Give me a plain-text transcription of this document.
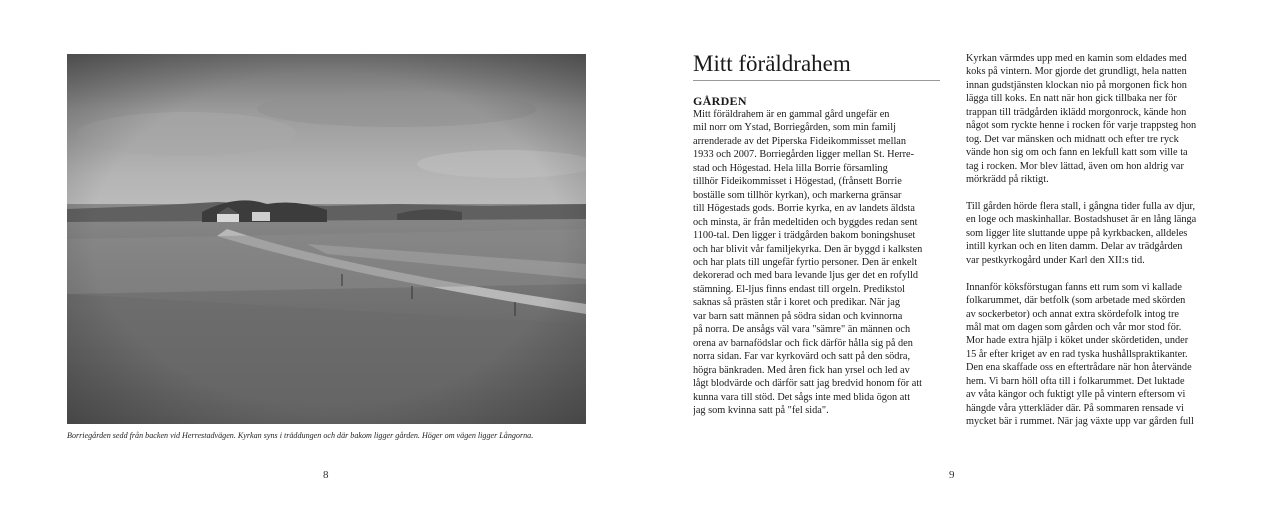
Borriegården sedd från backen vid Herrestadvägen. Kyrkan syns i träddungen och där bakom ligger gården. Höger om vägen ligger Långorna.
8
Mitt föräldrahem
GÅRDEN

Mitt föräldrahem är en gammal gård ungefär en
mil norr om Ystad, Borriegården, som min familj
arrenderade av det Piperska Fideikommisset mellan
1933 och 2007. Borriegården ligger mellan St. Herre-
stad och Högestad. Hela lilla Borrie församling
tillhör Fideikommisset i Högestad, (frånsett Borrie
boställe som tillhör kyrkan), och markerna gränsar
till Högestads gods. Borrie kyrka, en av landets äldsta
och minsta, är från medeltiden och byggdes redan sent
1100-tal. Den ligger i trädgården bakom boningshuset
och har blivit vår familjekyrka. Den är byggd i kalksten
och har plats till ungefär fyrtio personer. Den är enkelt
dekorerad och med bara levande ljus ger det en rofylld
stämning. El-ljus finns endast till orgeln. Predikstol
saknas så prästen står i koret och predikar. När jag
var barn satt männen på södra sidan och kvinnorna
på norra. De ansågs väl vara "sämre" än männen och
orena av barnafödslar och fick därför hålla sig på den
norra sidan. Far var kyrkovärd och satt på den södra,
högra bänkraden. Med åren fick han yrsel och led av
lågt blodvärde och därför satt jag bredvid honom för att
kunna vara till stöd. Det sågs inte med blida ögon att
jag som kvinna satt på "fel sida".

Kyrkan värmdes upp med en kamin som eldades med
koks på vintern. Mor gjorde det grundligt, hela natten
innan gudstjänsten klockan nio på morgonen fick hon
lägga till koks. En natt när hon gick tillbaka ner för
trappan till trädgården iklädd morgonrock, kände hon
något som ryckte henne i rocken för varje trappsteg hon
tog. Det var mänsken och midnatt och efter tre ryck
vände hon sig om och fann en lekfull katt som ville ta
tag i rocken. Mor blev lättad, även om hon aldrig var
mörkrädd på riktigt.

Till gården hörde flera stall, i gångna tider fulla av djur,
en loge och maskinhallar. Bostadshuset är en lång länga
som ligger lite sluttande uppe på kyrkbacken, alldeles
intill kyrkan och en liten damm. Delar av trädgården
var pestkyrkogård under Karl den XII:s tid.

Innanför köksförstugan fanns ett rum som vi kallade
folkarummet, där betfolk (som arbetade med skörden
av sockerbetor) och annat extra skördefolk intog tre
mål mat om dagen som gården och vår mor stod för.
Mor hade extra hjälp i köket under skördetiden, under
15 år efter kriget av en rad tyska hushållspraktikanter.
Den ena skaffade oss en eftertrådare när hon återvände
hem. Vi barn höll ofta till i folkarummet. Det luktade
av våta kängor och fuktigt ylle på vintern eftersom vi
hängde våra ytterkläder där. På sommaren rensade vi
mycket bär i rummet. När jag växte upp var gården full

9
